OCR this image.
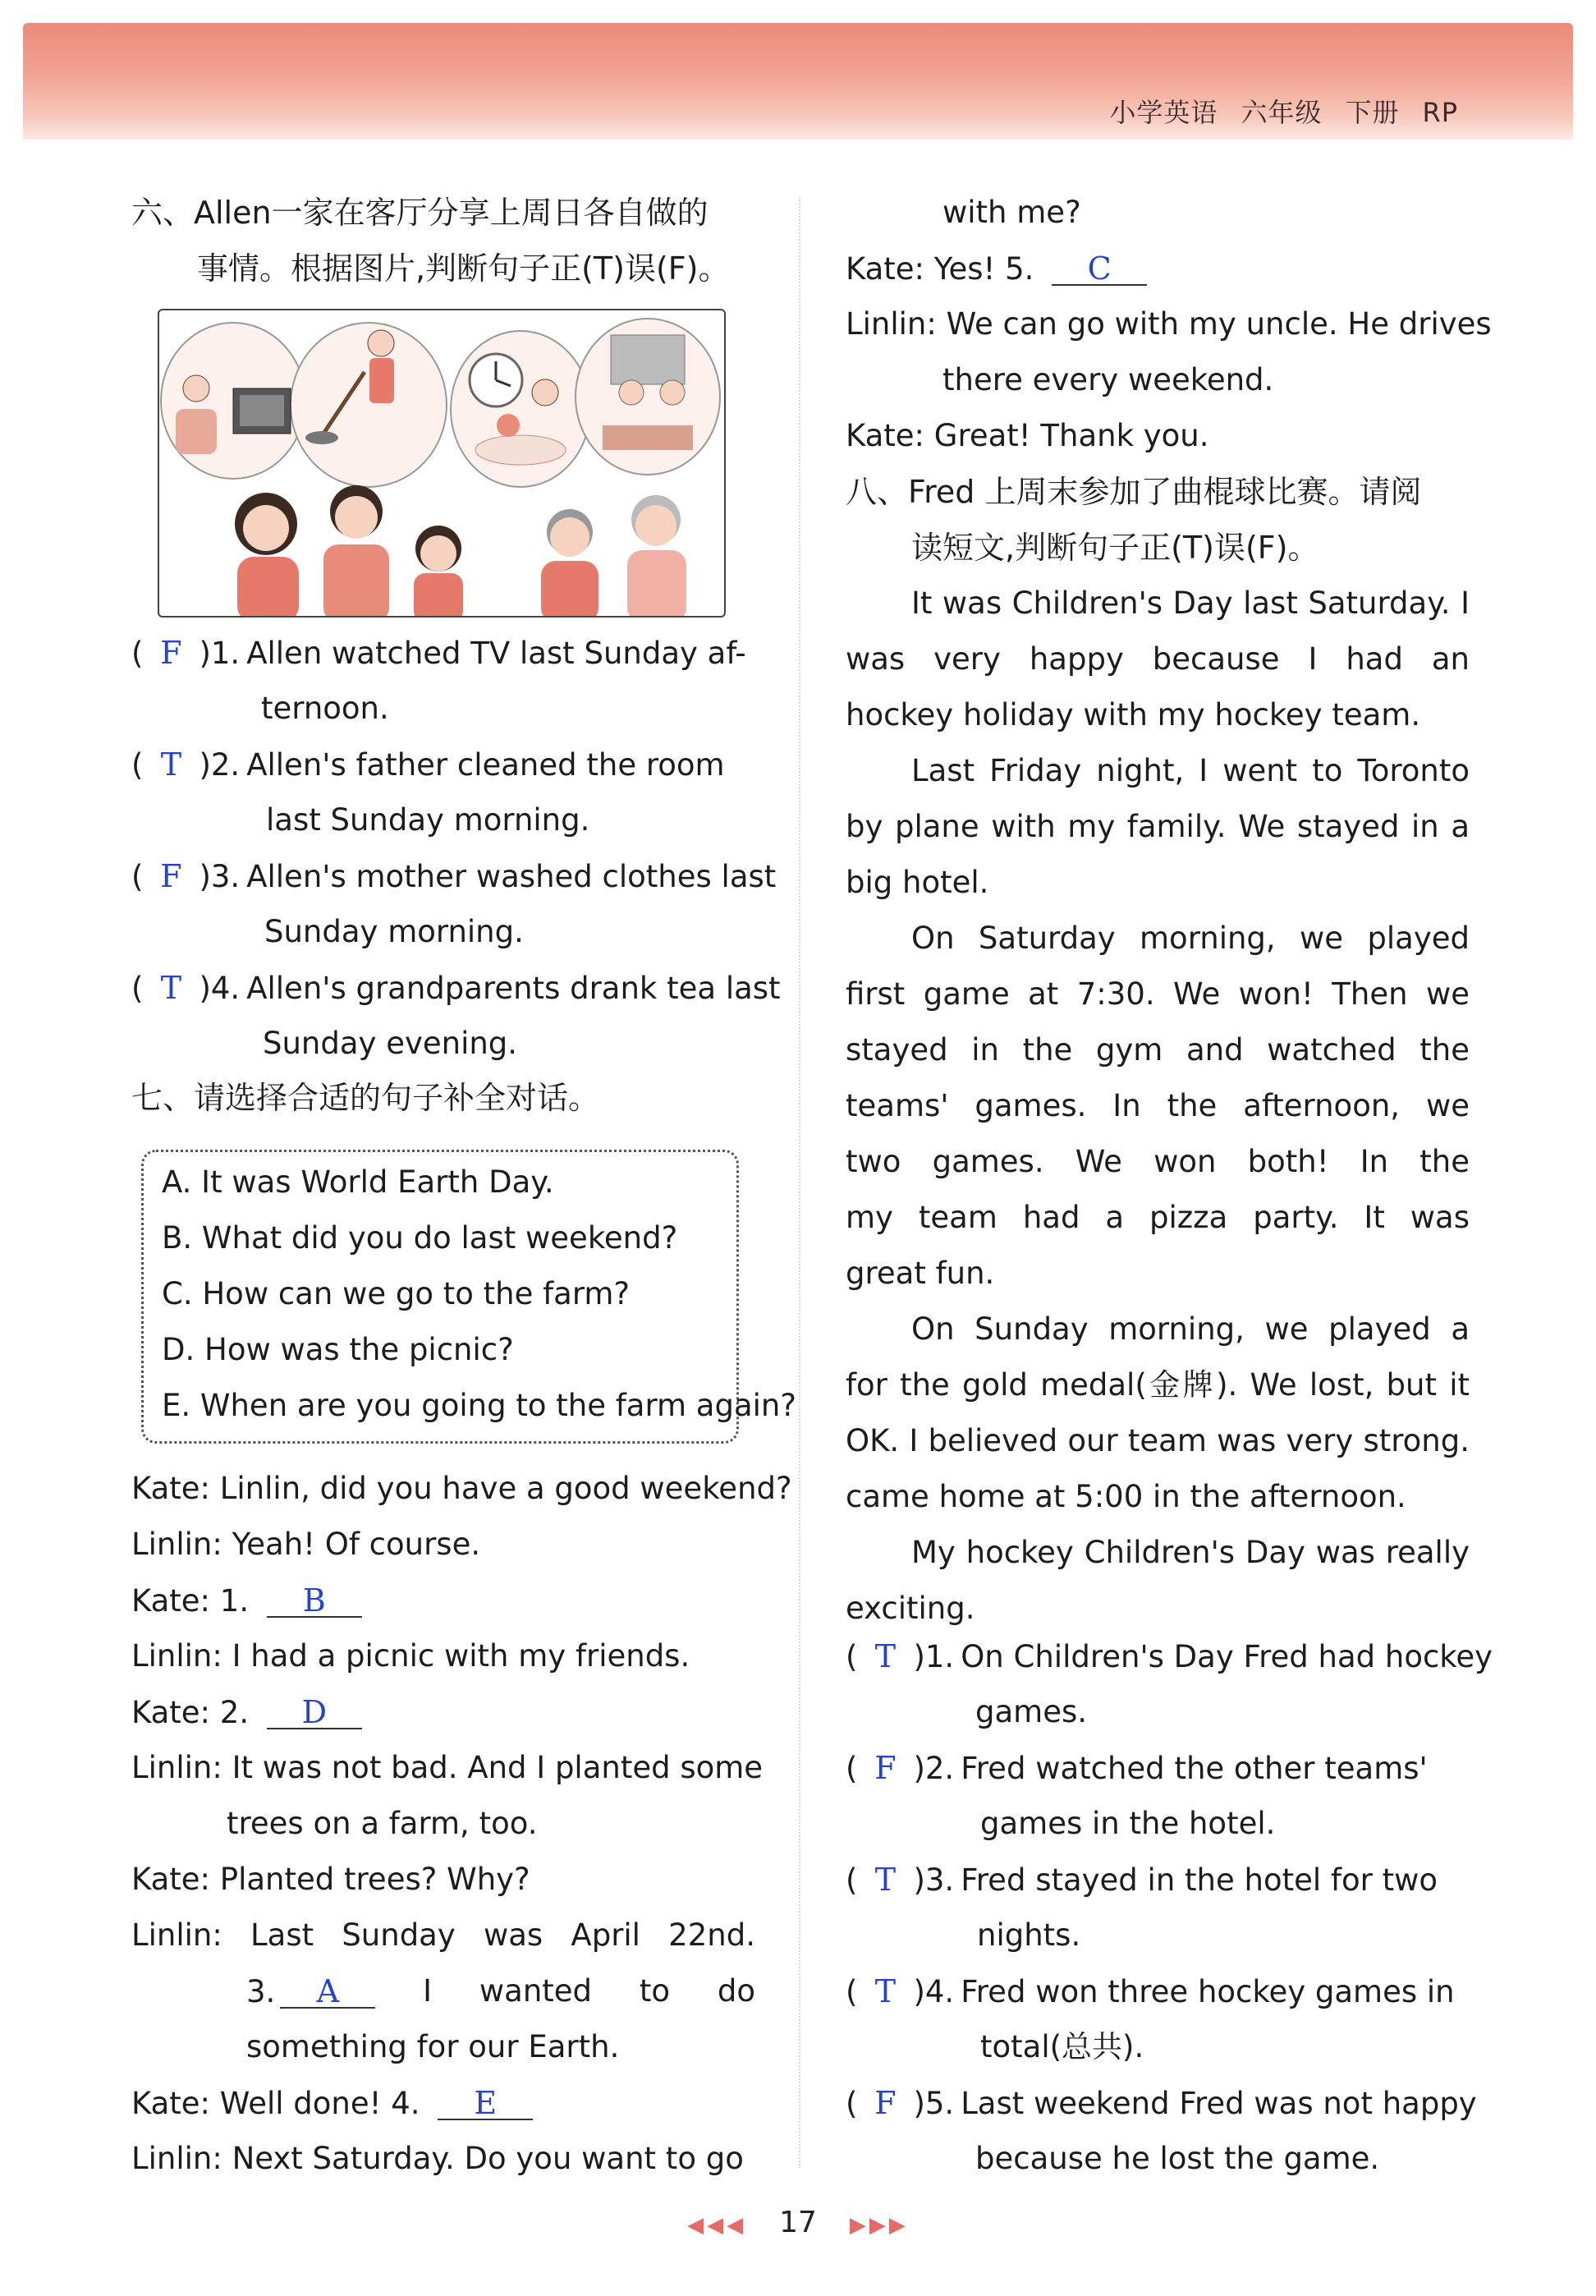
小学英语 六年级 下册 RP
六、Allen一家在客厅分享上周日各自做的
事情。根据图片,判断句子正(T)误(F)。
( F )1. Allen watched TV last Sunday af-
ternoon.
( T )2. Allen's father cleaned the room
last Sunday morning.
( F )3. Allen's mother washed clothes last
Sunday morning.
( T )4. Allen's grandparents drank tea last
Sunday evening.
七、请选择合适的句子补全对话。
A. It was World Earth Day.
B. What did you do last weekend?
C. How can we go to the farm?
D. How was the picnic?
E. When are you going to the farm again?
Kate: Linlin, did you have a good weekend?
Linlin: Yeah! Of course.
Kate: 1. B
Linlin: I had a picnic with my friends.
Kate: 2. D
Linlin: It was not bad. And I planted some
trees on a farm, too.
Kate: Planted trees? Why?
Linlin: Last Sunday was April 22nd.
3. A	I wanted to do
something for our Earth.
Kate: Well done! 4. E
Linlin: Next Saturday. Do you want to go
with me?
Kate: Yes! 5. C
Linlin: We can go with my uncle. He drives
there every weekend.
Kate: Great! Thank you.
八、Fred 上周末参加了曲棍球比赛。请阅
读短文,判断句子正(T)误(F)。
It was Children's Day last Saturday. I
was very happy because I had an
hockey holiday with my hockey team.
Last Friday night, I went to Toronto
by plane with my family. We stayed in a
big hotel.
On Saturday morning, we played
first game at 7:30. We won! Then we
stayed in the gym and watched the
teams' games. In the afternoon, we
two games. We won both! In the
my team had a pizza party. It was
great fun.
On Sunday morning, we played a
for the gold medal(金牌). We lost, but it
OK. I believed our team was very strong.
came home at 5:00 in the afternoon.
My hockey Children's Day was really
exciting.
( T )1. On Children's Day Fred had hockey
games.
( F )2. Fred watched the other teams'
games in the hotel.
( T )3. Fred stayed in the hotel for two
nights.
( T )4. Fred won three hockey games in
total(总共).
( F )5. Last weekend Fred was not happy
because he lost the game.
◀◀◀ 17 ▶▶▶
